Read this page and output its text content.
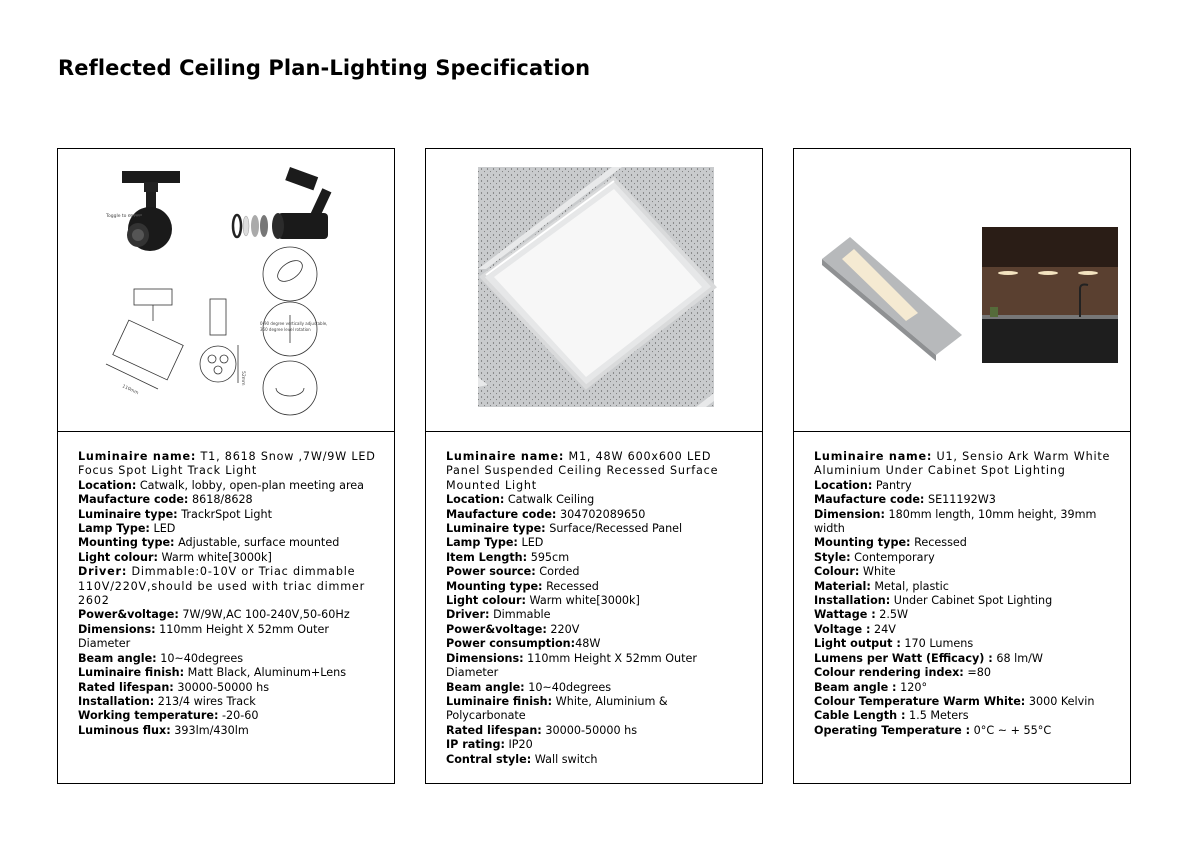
Reflected Ceiling Plan-Lighting Specification
Toggle to cover
0-90 degree vertically adjustable,
360 degree level rotation
110mm
52mm
Luminaire name: T1, 8618 Snow ,7W/9W LED Focus Spot Light Track Light
Location: Catwalk, lobby, open-plan meeting area
Maufacture code: 8618/8628
Luminaire type: TrackrSpot Light
Lamp Type: LED
Mounting type: Adjustable, surface mounted
Light colour: Warm white[3000k]
Driver: Dimmable:0-10V or Triac dimmable 110V/220V,should be used with triac dimmer 2602
Power&voltage: 7W/9W,AC 100-240V,50-60Hz
Dimensions: 110mm Height X 52mm Outer Diameter
Beam angle: 10~40degrees
Luminaire finish: Matt Black, Aluminum+Lens
Rated lifespan: 30000-50000 hs
Installation: 213/4 wires Track
Working temperature: -20-60
Luminous flux: 393lm/430lm
Luminaire name: M1, 48W 600x600 LED Panel Suspended Ceiling Recessed Surface Mounted Light
Location: Catwalk Ceiling
Maufacture code: 304702089650
Luminaire type: Surface/Recessed Panel
Lamp Type: LED
Item Length: 595cm
Power source: Corded
Mounting type: Recessed
Light colour: Warm white[3000k]
Driver: Dimmable
Power&voltage: 220V
Power consumption:48W
Dimensions: 110mm Height X 52mm Outer Diameter
Beam angle: 10~40degrees
Luminaire finish: White, Aluminium & Polycarbonate
Rated lifespan: 30000-50000 hs
IP rating: IP20
Contral style: Wall switch
Luminaire name: U1, Sensio Ark Warm White Aluminium Under Cabinet Spot Lighting
Location: Pantry
Maufacture code: SE11192W3
Dimension: 180mm length, 10mm height, 39mm width
Mounting type: Recessed
Style: Contemporary
Colour: White
Material: Metal, plastic
Installation: Under Cabinet Spot Lighting
Wattage : 2.5W
Voltage : 24V
Light output : 170 Lumens
Lumens per Watt (Efficacy) : 68 lm/W
Colour rendering index: =80
Beam angle : 120°
Colour Temperature Warm White: 3000 Kelvin
Cable Length : 1.5 Meters
Operating Temperature : 0°C ~ + 55°C
